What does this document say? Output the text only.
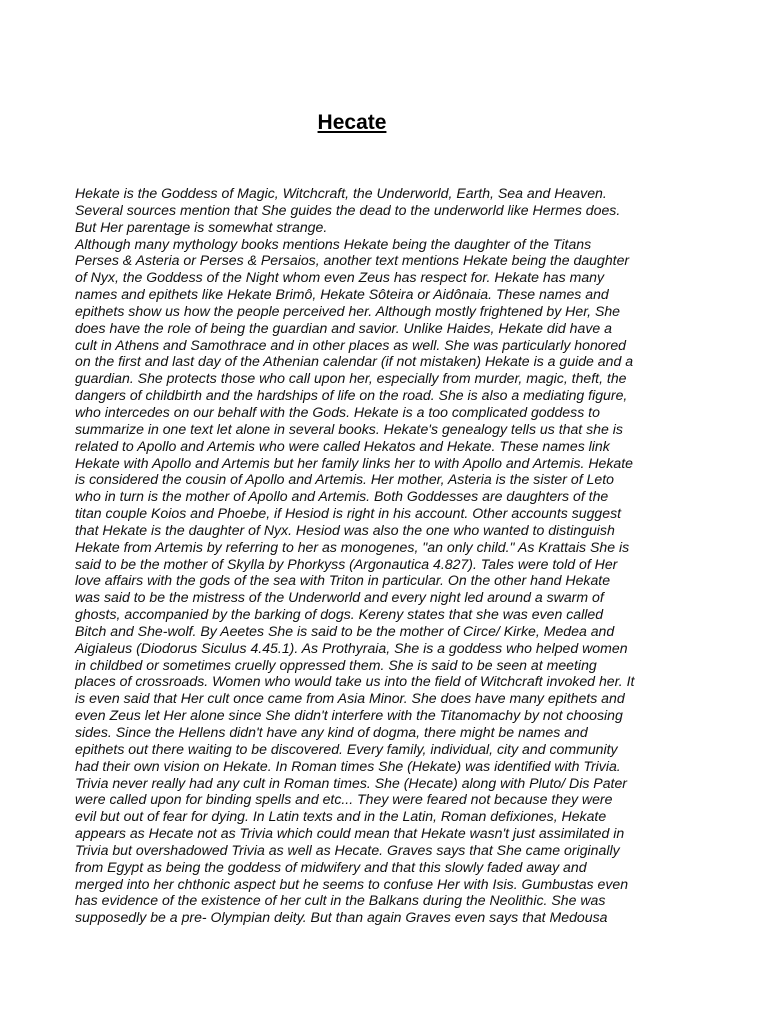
Hecate
Hekate is the Goddess of Magic, Witchcraft, the Underworld, Earth, Sea and Heaven.
Several sources mention that She guides the dead to the underworld like Hermes does.
But Her parentage is somewhat strange.
Although many mythology books mentions Hekate being the daughter of the Titans
Perses & Asteria or Perses & Persaios, another text mentions Hekate being the daughter
of Nyx, the Goddess of the Night whom even Zeus has respect for. Hekate has many
names and epithets like Hekate Brimô, Hekate Sôteira or Aidônaia. These names and
epithets show us how the people perceived her. Although mostly frightened by Her, She
does have the role of being the guardian and savior. Unlike Haides, Hekate did have a
cult in Athens and Samothrace and in other places as well. She was particularly honored
on the first and last day of the Athenian calendar (if not mistaken) Hekate is a guide and a
guardian. She protects those who call upon her, especially from murder, magic, theft, the
dangers of childbirth and the hardships of life on the road. She is also a mediating figure,
who intercedes on our behalf with the Gods. Hekate is a too complicated goddess to
summarize in one text let alone in several books. Hekate's genealogy tells us that she is
related to Apollo and Artemis who were called Hekatos and Hekate. These names link
Hekate with Apollo and Artemis but her family links her to with Apollo and Artemis. Hekate
is considered the cousin of Apollo and Artemis. Her mother, Asteria is the sister of Leto
who in turn is the mother of Apollo and Artemis. Both Goddesses are daughters of the
titan couple Koios and Phoebe, if Hesiod is right in his account. Other accounts suggest
that Hekate is the daughter of Nyx. Hesiod was also the one who wanted to distinguish
Hekate from Artemis by referring to her as monogenes, "an only child." As Krattais She is
said to be the mother of Skylla by Phorkyss (Argonautica 4.827). Tales were told of Her
love affairs with the gods of the sea with Triton in particular. On the other hand Hekate
was said to be the mistress of the Underworld and every night led around a swarm of
ghosts, accompanied by the barking of dogs. Kereny states that she was even called
Bitch and She-wolf. By Aeetes She is said to be the mother of Circe/ Kirke, Medea and
Aigialeus (Diodorus Siculus 4.45.1). As Prothyraia, She is a goddess who helped women
in childbed or sometimes cruelly oppressed them. She is said to be seen at meeting
places of crossroads. Women who would take us into the field of Witchcraft invoked her. It
is even said that Her cult once came from Asia Minor. She does have many epithets and
even Zeus let Her alone since She didn't interfere with the Titanomachy by not choosing
sides. Since the Hellens didn't have any kind of dogma, there might be names and
epithets out there waiting to be discovered. Every family, individual, city and community
had their own vision on Hekate. In Roman times She (Hekate) was identified with Trivia.
Trivia never really had any cult in Roman times. She (Hecate) along with Pluto/ Dis Pater
were called upon for binding spells and etc... They were feared not because they were
evil but out of fear for dying. In Latin texts and in the Latin, Roman defixiones, Hekate
appears as Hecate not as Trivia which could mean that Hekate wasn't just assimilated in
Trivia but overshadowed Trivia as well as Hecate. Graves says that She came originally
from Egypt as being the goddess of midwifery and that this slowly faded away and
merged into her chthonic aspect but he seems to confuse Her with Isis. Gumbustas even
has evidence of the existence of her cult in the Balkans during the Neolithic. She was
supposedly be a pre- Olympian deity. But than again Graves even says that Medousa
